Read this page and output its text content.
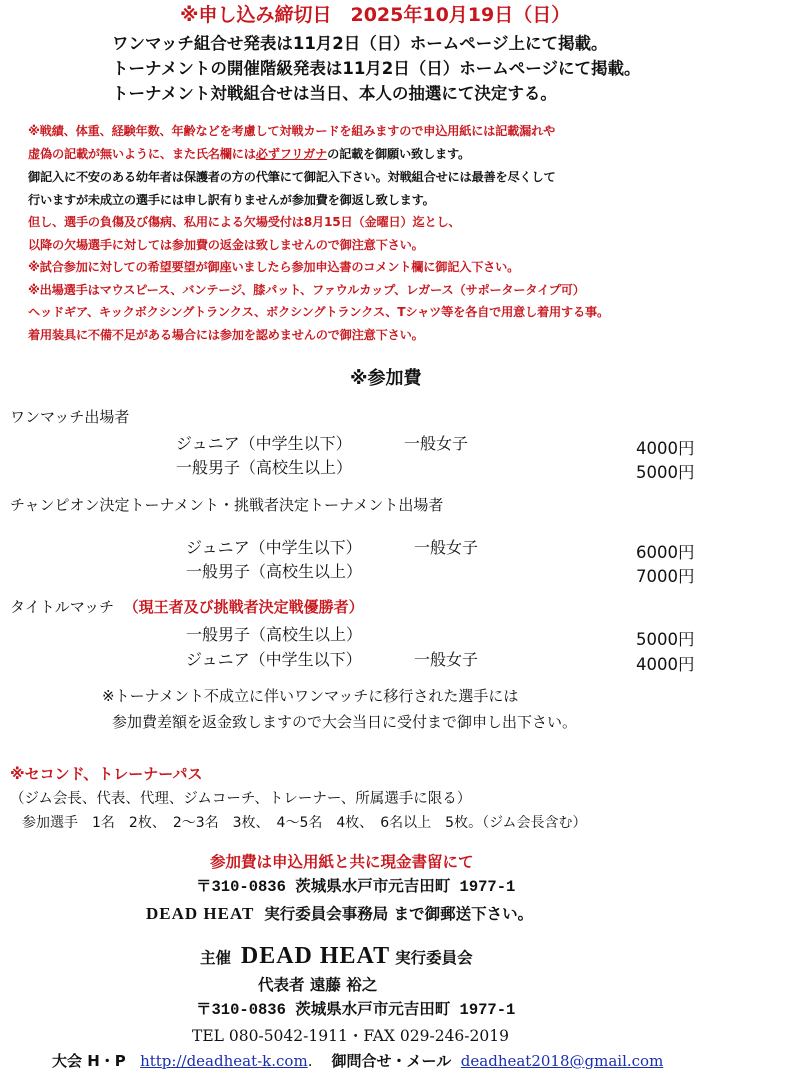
※申し込み締切日　2025年10月19日（日）
ワンマッチ組合せ発表は11月2日（日）ホームページ上にて掲載。
トーナメントの開催階級発表は11月2日（日）ホームページにて掲載。
トーナメント対戦組合せは当日、本人の抽選にて決定する。
※戦績、体重、経験年数、年齢などを考慮して対戦カードを組みますので申込用紙には記載漏れや
虚偽の記載が無いように、また氏名欄には必ずフリガナの記載を御願い致します。
御記入に不安のある幼年者は保護者の方の代筆にて御記入下さい。対戦組合せには最善を尽くして
行いますが未成立の選手には申し訳有りませんが参加費を御返し致します。
但し、選手の負傷及び傷病、私用による欠場受付は8月15日（金曜日）迄とし、
以降の欠場選手に対しては参加費の返金は致しませんので御注意下さい。
※試合参加に対しての希望要望が御座いましたら参加申込書のコメント欄に御記入下さい。
※出場選手はマウスピース、バンテージ、膝パット、ファウルカップ、レガース（サポータータイプ可）
ヘッドギア、キックボクシングトランクス、ボクシングトランクス、Tシャツ等を各自で用意し着用する事。
着用装具に不備不足がある場合には参加を認めませんので御注意下さい。
※参加費
ワンマッチ出場者
ジュニア（中学生以下）	一般女子	4000円
一般男子（高校生以上）	5000円
チャンピオン決定トーナメント・挑戦者決定トーナメント出場者
ジュニア（中学生以下）	一般女子	6000円
一般男子（高校生以上）	7000円
タイトルマッチ （現王者及び挑戦者決定戦優勝者）
一般男子（高校生以上）	5000円
ジュニア（中学生以下）	一般女子	4000円
※トーナメント不成立に伴いワンマッチに移行された選手には
参加費差額を返金致しますので大会当日に受付まで御申し出下さい。
※セコンド、トレーナーパス
（ジム会長、代表、代理、ジムコーチ、トレーナー、所属選手に限る）
参加選手　1名　2枚、　2～3名　3枚、　4～5名　4枚、　6名以上　5枚。（ジム会長含む）
参加費は申込用紙と共に現金書留にて
〒310-0836 茨城県水戸市元吉田町 1977-1
DEAD HEAT 実行委員会事務局 まで御郵送下さい。
主催 DEAD HEAT 実行委員会
代表者 遠藤 裕之
〒310-0836 茨城県水戸市元吉田町 1977-1
TEL 080-5042-1911・FAX 029-246-2019
大会 H・P http://deadheat-k.com. 御問合せ・メール deadheat2018@gmail.com
